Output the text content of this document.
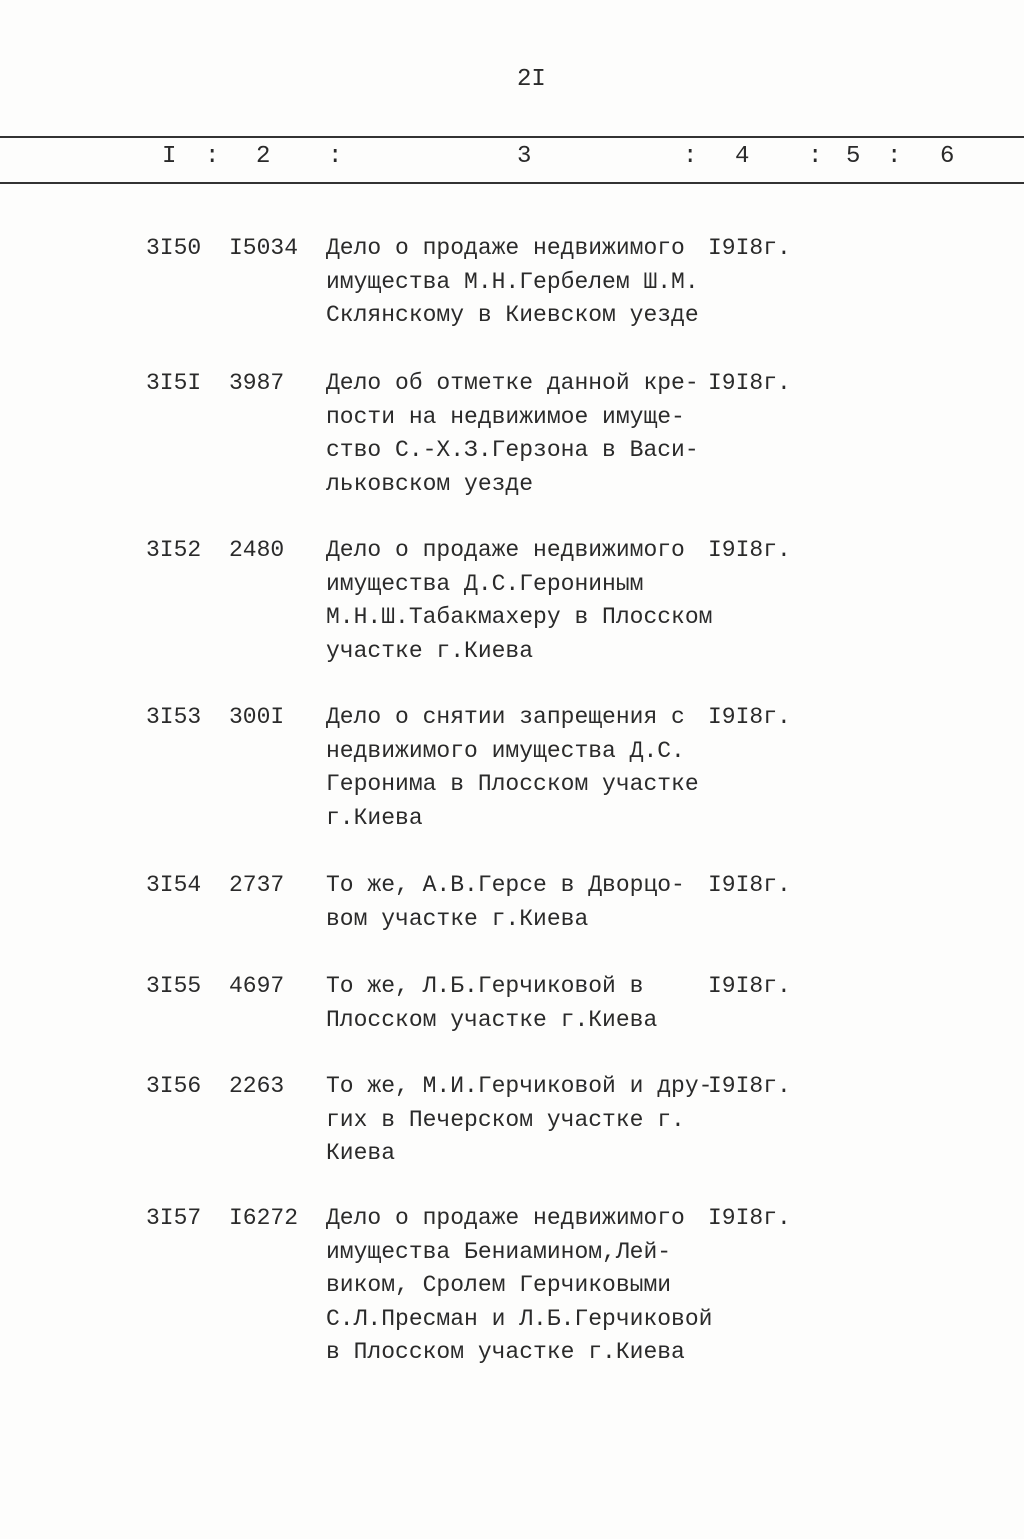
2I
I : 2 :	3	: 4 : 5 : 6
3I50 I5034 Дело о продаже недвижимого
имущества М.Н.Гербелем Ш.М.
Склянскому в Киевском уезде
I9I8г.
3I5I 3987 Дело об отметке данной кре-
пости на недвижимое имуще-
ство С.-Х.З.Герзона в Васи-
льковском уезде
I9I8г.
3I52 2480 Дело о продаже недвижимого
имущества Д.С.Герониным
М.Н.Ш.Табакмахеру в Плосском
участке г.Киева
I9I8г.
3I53 300I Дело о снятии запрещения с
недвижимого имущества Д.С.
Геронима в Плосском участке
г.Киева
I9I8г.
3I54 2737 То же, А.В.Герсе в Дворцо-
вом участке г.Киева
I9I8г.
3I55 4697 То же, Л.Б.Герчиковой в
Плосском участке г.Киева
I9I8г.
3I56 2263 То же, М.И.Герчиковой и дру-
гих в Печерском участке г.
Киева
I9I8г.
3I57 I6272 Дело о продаже недвижимого
имущества Бениамином,Лей-
виком, Сролем Герчиковыми
С.Л.Пресман и Л.Б.Герчиковой
в Плосском участке г.Киева
I9I8г.
